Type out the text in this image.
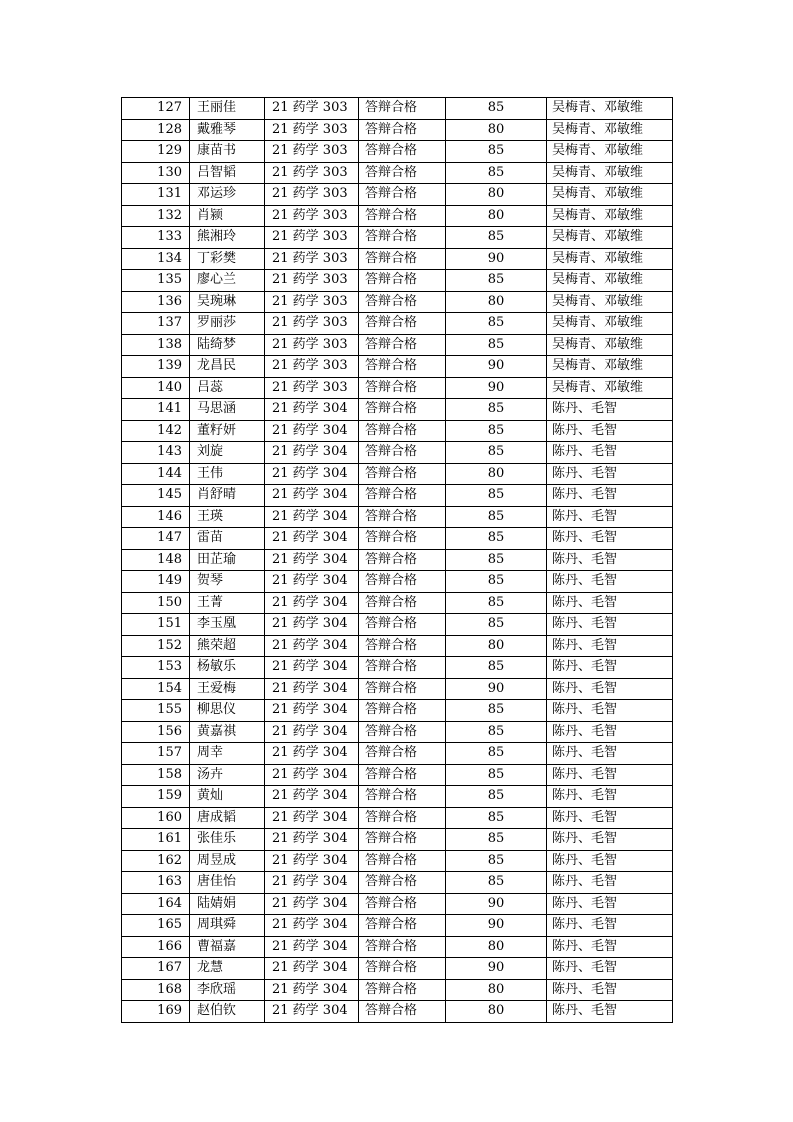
127	王丽佳	21 药学 303	答辩合格	85	吴梅青、邓敏维
128	戴雅琴	21 药学 303	答辩合格	80	吴梅青、邓敏维
129	康苗书	21 药学 303	答辩合格	85	吴梅青、邓敏维
130	吕智韬	21 药学 303	答辩合格	85	吴梅青、邓敏维
131	邓运珍	21 药学 303	答辩合格	80	吴梅青、邓敏维
132	肖颍	21 药学 303	答辩合格	80	吴梅青、邓敏维
133	熊湘玲	21 药学 303	答辩合格	85	吴梅青、邓敏维
134	丁彩樊	21 药学 303	答辩合格	90	吴梅青、邓敏维
135	廖心兰	21 药学 303	答辩合格	85	吴梅青、邓敏维
136	吴琬琳	21 药学 303	答辩合格	80	吴梅青、邓敏维
137	罗丽莎	21 药学 303	答辩合格	85	吴梅青、邓敏维
138	陆绮梦	21 药学 303	答辩合格	85	吴梅青、邓敏维
139	龙昌民	21 药学 303	答辩合格	90	吴梅青、邓敏维
140	吕蕊	21 药学 303	答辩合格	90	吴梅青、邓敏维
141	马思涵	21 药学 304	答辩合格	85	陈丹、毛智
142	董籽妍	21 药学 304	答辩合格	85	陈丹、毛智
143	刘旋	21 药学 304	答辩合格	85	陈丹、毛智
144	王伟	21 药学 304	答辩合格	80	陈丹、毛智
145	肖舒晴	21 药学 304	答辩合格	85	陈丹、毛智
146	王瑛	21 药学 304	答辩合格	85	陈丹、毛智
147	雷苗	21 药学 304	答辩合格	85	陈丹、毛智
148	田芷瑜	21 药学 304	答辩合格	85	陈丹、毛智
149	贺琴	21 药学 304	答辩合格	85	陈丹、毛智
150	王菁	21 药学 304	答辩合格	85	陈丹、毛智
151	李玉凰	21 药学 304	答辩合格	85	陈丹、毛智
152	熊荣超	21 药学 304	答辩合格	80	陈丹、毛智
153	杨敏乐	21 药学 304	答辩合格	85	陈丹、毛智
154	王爱梅	21 药学 304	答辩合格	90	陈丹、毛智
155	柳思仪	21 药学 304	答辩合格	85	陈丹、毛智
156	黄嘉祺	21 药学 304	答辩合格	85	陈丹、毛智
157	周幸	21 药学 304	答辩合格	85	陈丹、毛智
158	汤卉	21 药学 304	答辩合格	85	陈丹、毛智
159	黄灿	21 药学 304	答辩合格	85	陈丹、毛智
160	唐成韬	21 药学 304	答辩合格	85	陈丹、毛智
161	张佳乐	21 药学 304	答辩合格	85	陈丹、毛智
162	周昱成	21 药学 304	答辩合格	85	陈丹、毛智
163	唐佳怡	21 药学 304	答辩合格	85	陈丹、毛智
164	陆婧娟	21 药学 304	答辩合格	90	陈丹、毛智
165	周琪舜	21 药学 304	答辩合格	90	陈丹、毛智
166	曹福嘉	21 药学 304	答辩合格	80	陈丹、毛智
167	龙慧	21 药学 304	答辩合格	90	陈丹、毛智
168	李欣瑶	21 药学 304	答辩合格	80	陈丹、毛智
169	赵伯钦	21 药学 304	答辩合格	80	陈丹、毛智
